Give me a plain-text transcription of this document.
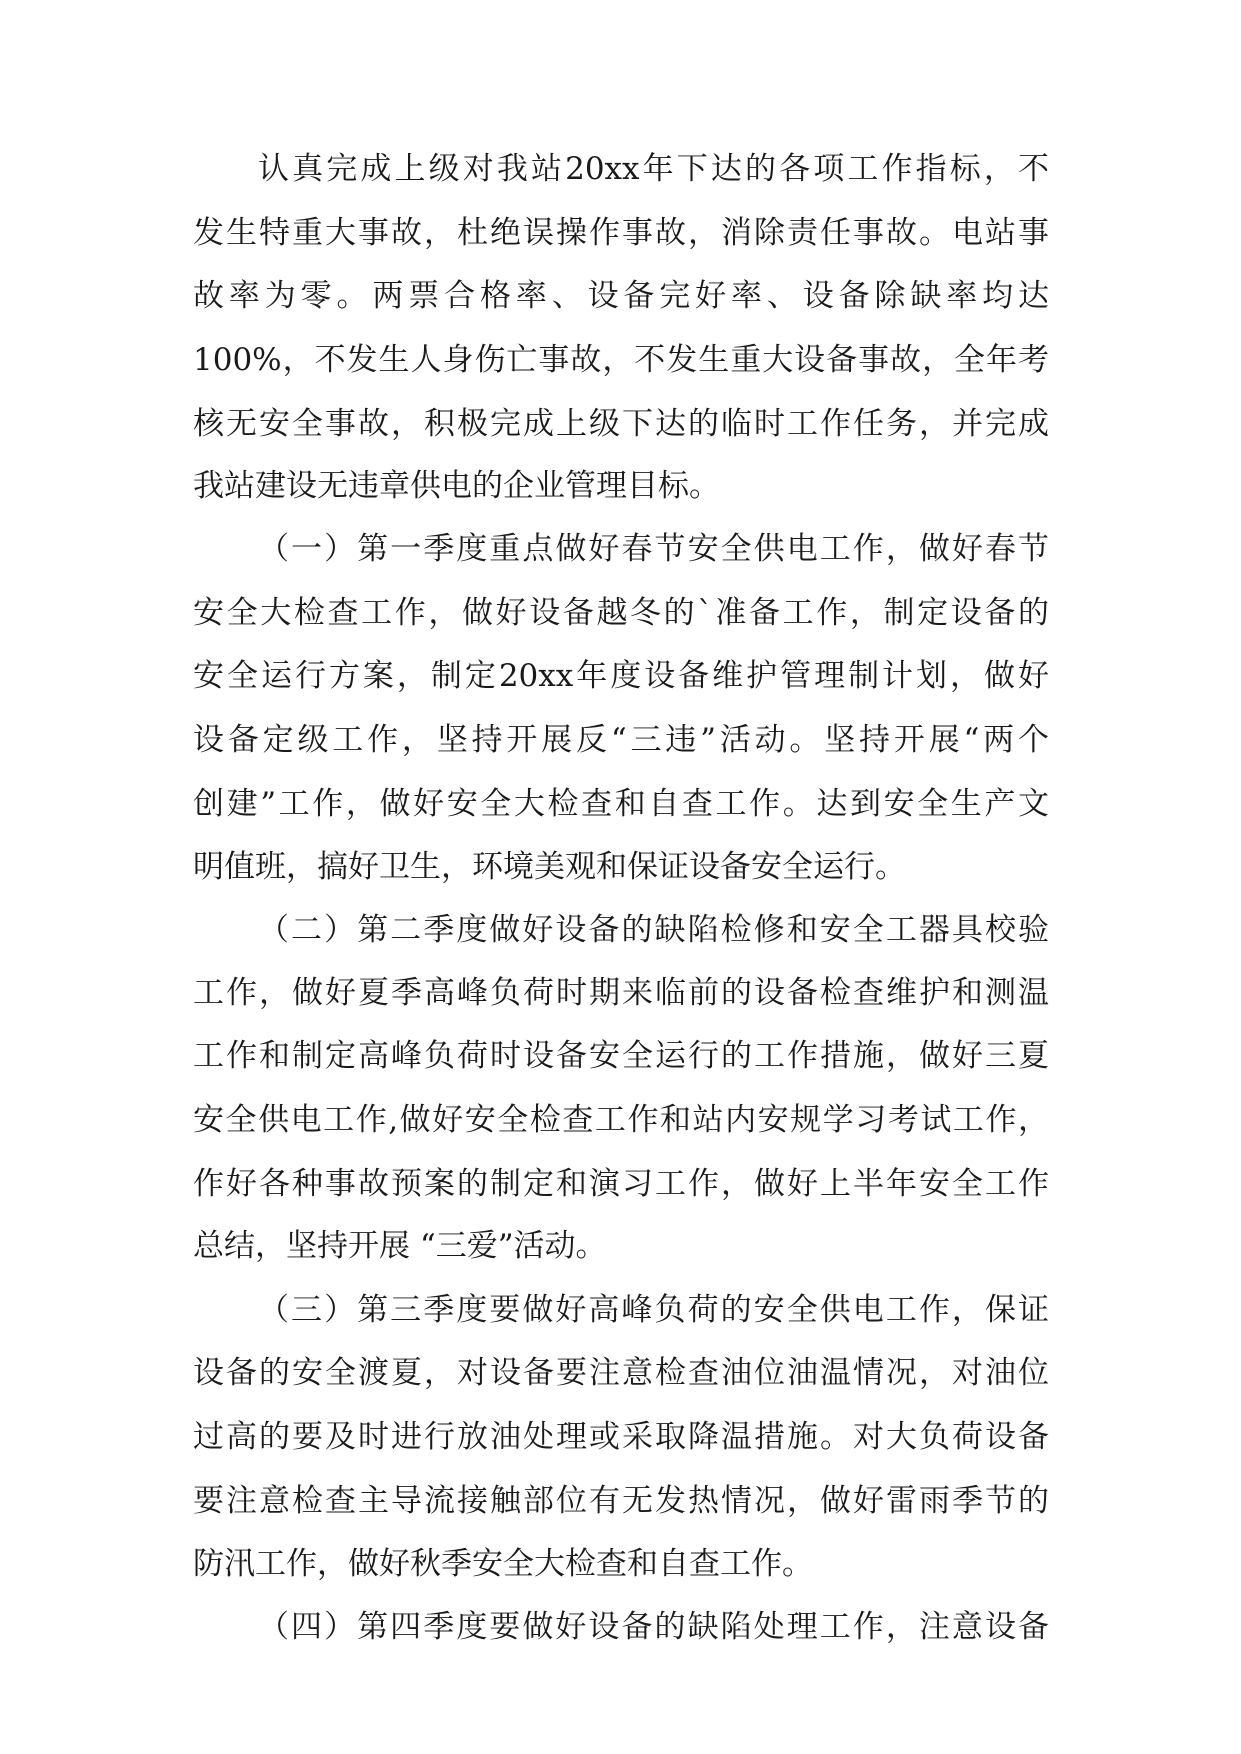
认真完成上级对我站20xx年下达的各项工作指标，不
发生特重大事故，杜绝误操作事故，消除责任事故。电站事
故率为零。两票合格率、设备完好率、设备除缺率均达
100%，不发生人身伤亡事故，不发生重大设备事故，全年考
核无安全事故，积极完成上级下达的临时工作任务，并完成
我站建设无违章供电的企业管理目标。
（一）第一季度重点做好春节安全供电工作，做好春节
安全大检查工作，做好设备越冬的`准备工作，制定设备的
安全运行方案，制定20xx年度设备维护管理制计划，做好
设备定级工作，坚持开展反“三违”活动。坚持开展“两个
创建”工作，做好安全大检查和自查工作。达到安全生产文
明值班，搞好卫生，环境美观和保证设备安全运行。
（二）第二季度做好设备的缺陷检修和安全工器具校验
工作，做好夏季高峰负荷时期来临前的设备检查维护和测温
工作和制定高峰负荷时设备安全运行的工作措施，做好三夏
安全供电工作,做好安全检查工作和站内安规学习考试工作，
作好各种事故预案的制定和演习工作，做好上半年安全工作
总结，坚持开展 “三爱”活动。
（三）第三季度要做好高峰负荷的安全供电工作，保证
设备的安全渡夏，对设备要注意检查油位油温情况，对油位
过高的要及时进行放油处理或采取降温措施。对大负荷设备
要注意检查主导流接触部位有无发热情况，做好雷雨季节的
防汛工作，做好秋季安全大检查和自查工作。
（四）第四季度要做好设备的缺陷处理工作，注意设备
